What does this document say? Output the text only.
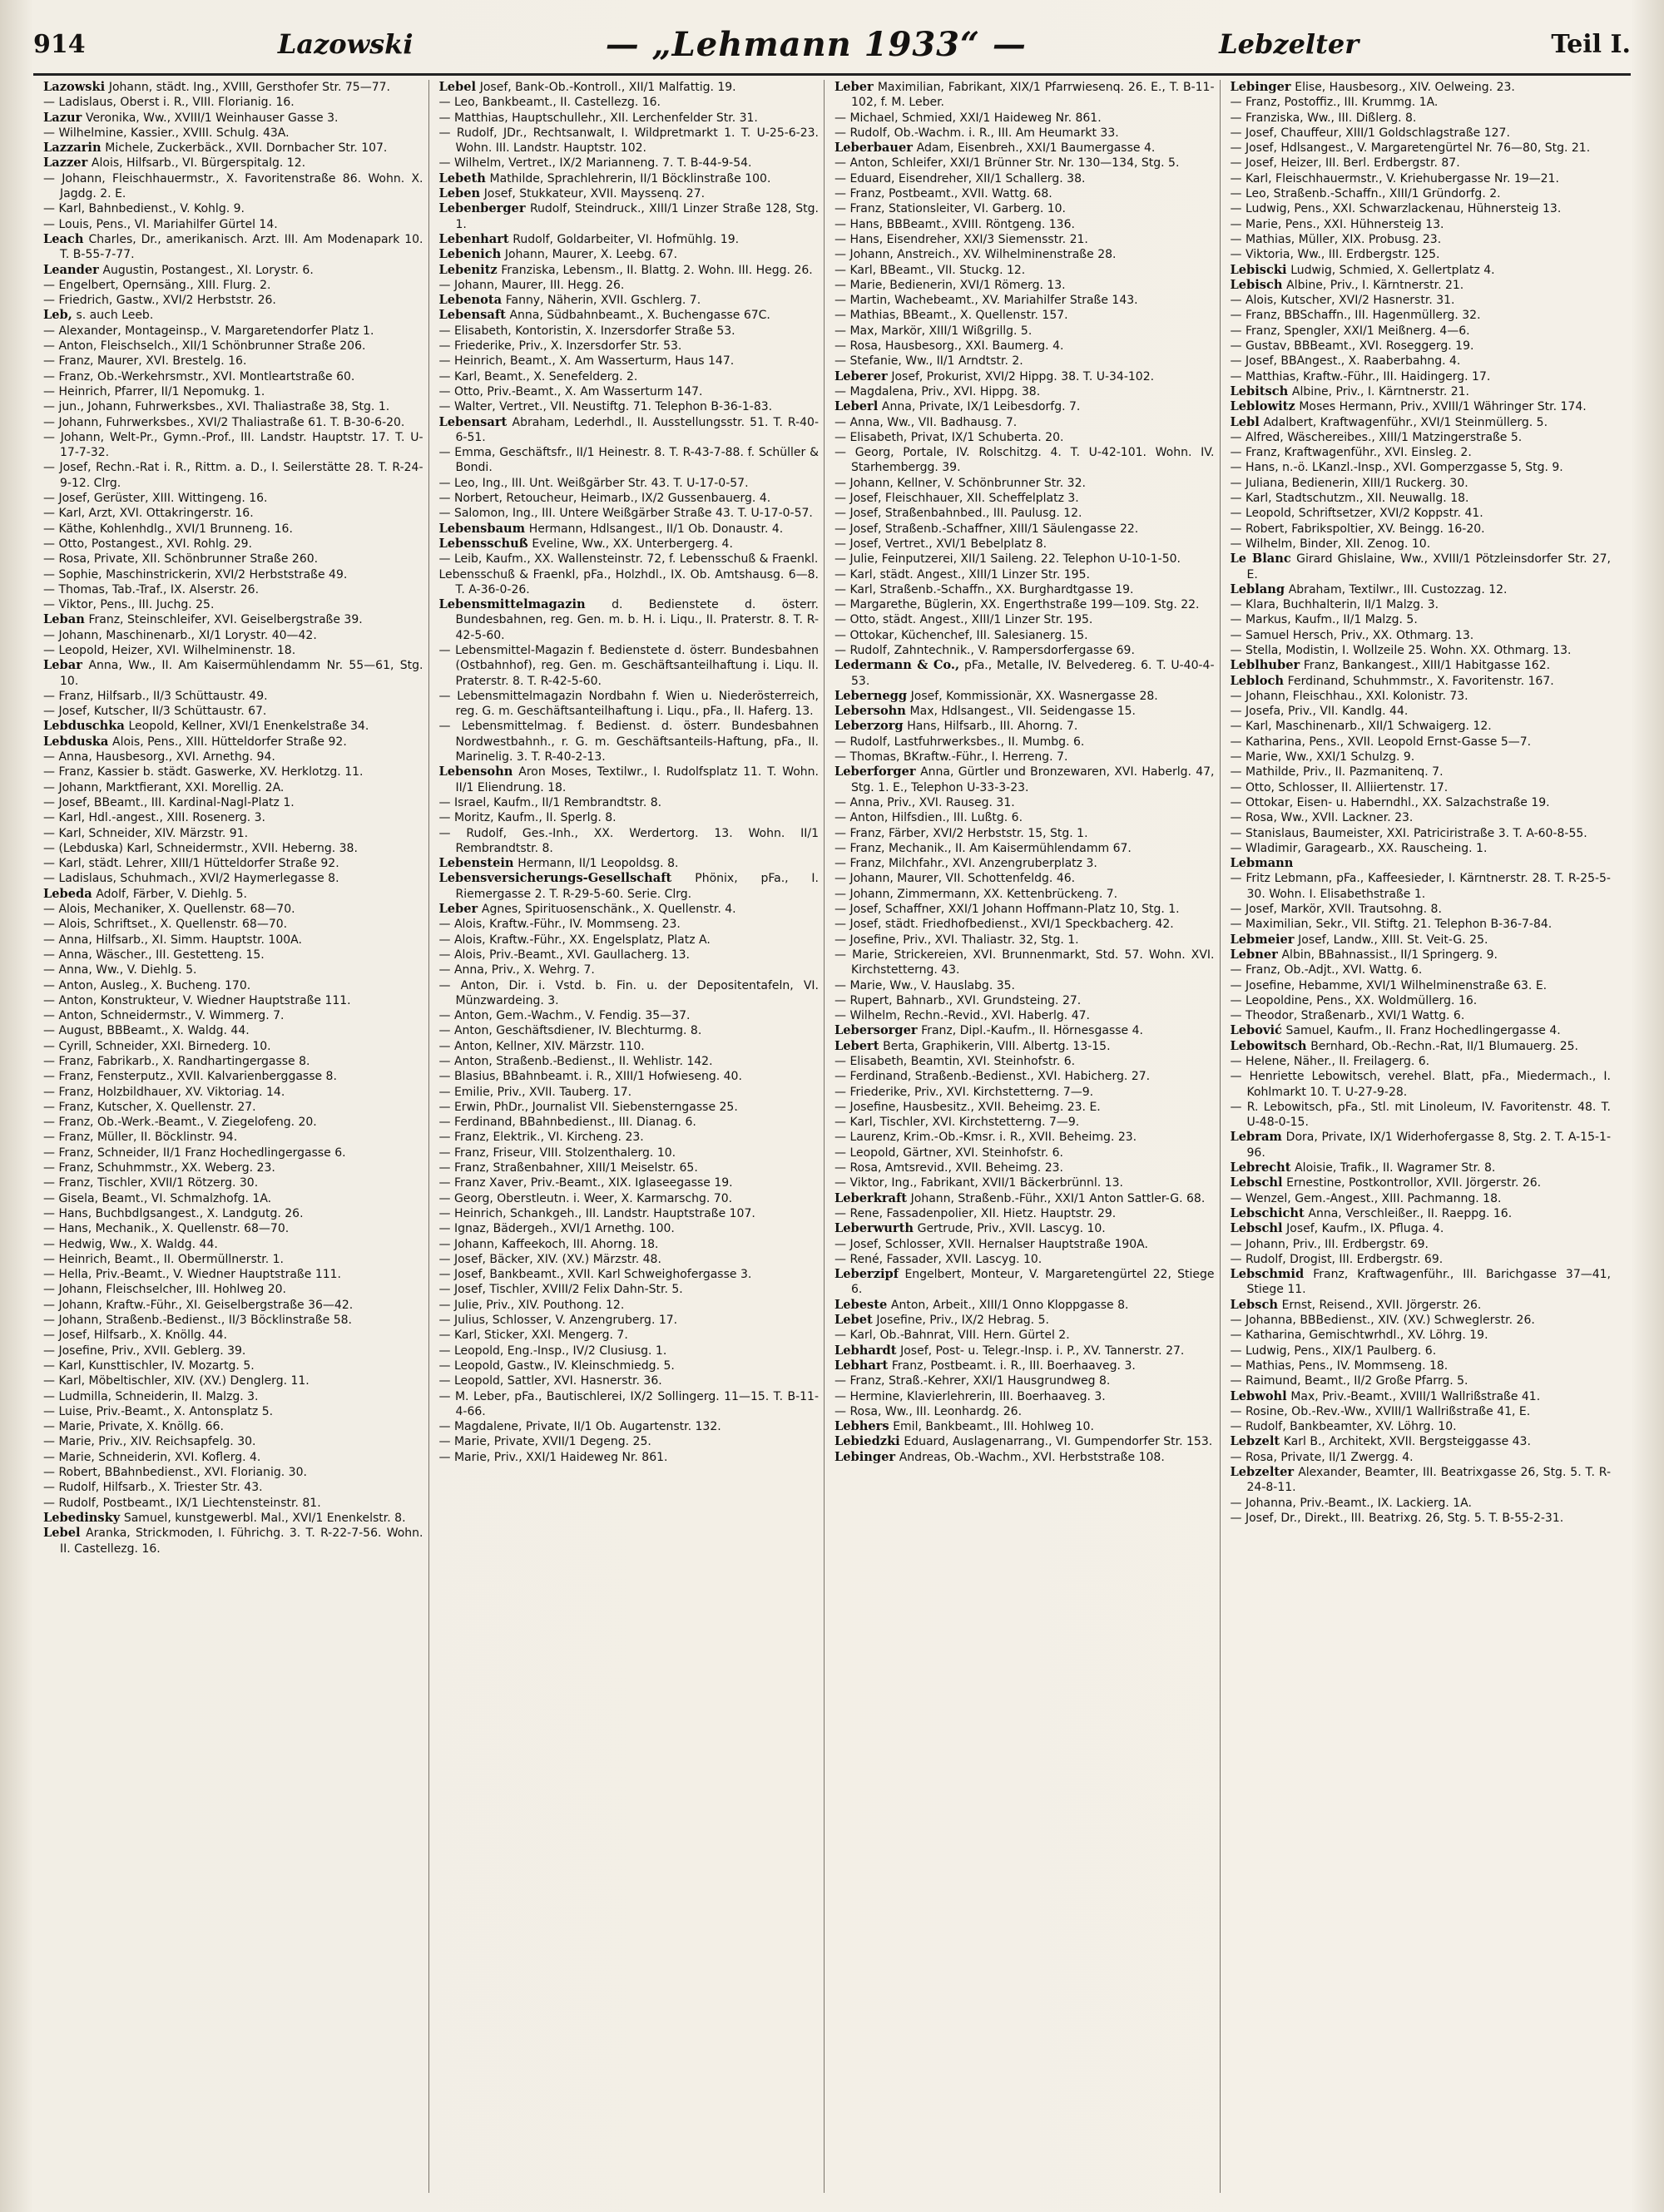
914	Lazowski	— „Lehmann 1933“ —	Lebzelter	Teil I.

Lazowski Johann, städt. Ing., XVIII, Gersthofer Str. 75—77.

— Ladislaus, Oberst i. R., VIII. Florianig. 16.

Lazur Veronika, Ww., XVIII/1 Weinhauser Gasse 3.

— Wilhelmine, Kassier., XVIII. Schulg. 43A.

Lazzarin Michele, Zuckerbäck., XVII. Dornbacher Str. 107.

Lazzer Alois, Hilfsarb., VI. Bürgerspitalg. 12.

— Johann, Fleischhauermstr., X. Favoritenstraße 86. Wohn. X. Jagdg. 2. E.

— Karl, Bahnbedienst., V. Kohlg. 9.

— Louis, Pens., VI. Mariahilfer Gürtel 14.

Leach Charles, Dr., amerikanisch. Arzt. III. Am Modenapark 10. T. B-55-7-77.

Leander Augustin, Postangest., XI. Lorystr. 6.

— Engelbert, Opernsäng., XIII. Flurg. 2.

— Friedrich, Gastw., XVI/2 Herbststr. 26.

Leb, s. auch Leeb.

— Alexander, Montageinsp., V. Margaretendorfer Platz 1.

— Anton, Fleischselch., XII/1 Schönbrunner Straße 206.

— Franz, Maurer, XVI. Brestelg. 16.

— Franz, Ob.-Werkehrsmstr., XVI. Montleartstraße 60.

— Heinrich, Pfarrer, II/1 Nepomukg. 1.

— jun., Johann, Fuhrwerksbes., XVI. Thaliastraße 38, Stg. 1.

— Johann, Fuhrwerksbes., XVI/2 Thaliastraße 61. T. B-30-6-20.

— Johann, Welt-Pr., Gymn.-Prof., III. Landstr. Hauptstr. 17. T. U-17-7-32.

— Josef, Rechn.-Rat i. R., Rittm. a. D., I. Seilerstätte 28. T. R-24-9-12. Clrg.

— Josef, Gerüster, XIII. Wittingeng. 16.

— Karl, Arzt, XVI. Ottakringerstr. 16.

— Käthe, Kohlenhdlg., XVI/1 Brunneng. 16.

— Otto, Postangest., XVI. Rohlg. 29.

— Rosa, Private, XII. Schönbrunner Straße 260.

— Sophie, Maschinstrickerin, XVI/2 Herbststraße 49.

— Thomas, Tab.-Traf., IX. Alserstr. 26.

— Viktor, Pens., III. Juchg. 25.

Leban Franz, Steinschleifer, XVI. Geiselbergstraße 39.

— Johann, Maschinenarb., XI/1 Lorystr. 40—42.

— Leopold, Heizer, XVI. Wilhelminenstr. 18.

Lebar Anna, Ww., II. Am Kaisermühlendamm Nr. 55—61, Stg. 10.

— Franz, Hilfsarb., II/3 Schüttaustr. 49.

— Josef, Kutscher, II/3 Schüttaustr. 67.

Lebduschka Leopold, Kellner, XVI/1 Enenkelstraße 34.

Lebduska Alois, Pens., XIII. Hütteldorfer Straße 92.

— Anna, Hausbesorg., XVI. Arnethg. 94.

— Franz, Kassier b. städt. Gaswerke, XV. Herklotzg. 11.

— Johann, Marktfierant, XXI. Morellig. 2A.

— Josef, BBeamt., III. Kardinal-Nagl-Platz 1.

— Karl, Hdl.-angest., XIII. Rosenerg. 3.

— Karl, Schneider, XIV. Märzstr. 91.

— (Lebduska) Karl, Schneidermstr., XVII. Heberng. 38.

— Karl, städt. Lehrer, XIII/1 Hütteldorfer Straße 92.

— Ladislaus, Schuhmach., XVI/2 Haymerlegasse 8.

Lebeda Adolf, Färber, V. Diehlg. 5.

— Alois, Mechaniker, X. Quellenstr. 68—70.

— Alois, Schriftset., X. Quellenstr. 68—70.

— Anna, Hilfsarb., XI. Simm. Hauptstr. 100A.

— Anna, Wäscher., III. Gestetteng. 15.

— Anna, Ww., V. Diehlg. 5.

— Anton, Ausleg., X. Bucheng. 170.

— Anton, Konstrukteur, V. Wiedner Hauptstraße 111.

— Anton, Schneidermstr., V. Wimmerg. 7.

— August, BBBeamt., X. Waldg. 44.

— Cyrill, Schneider, XXI. Birnederg. 10.

— Franz, Fabrikarb., X. Randhartingergasse 8.

— Franz, Fensterputz., XVII. Kalvarienberggasse 8.

— Franz, Holzbildhauer, XV. Viktoriag. 14.

— Franz, Kutscher, X. Quellenstr. 27.

— Franz, Ob.-Werk.-Beamt., V. Ziegelofeng. 20.

— Franz, Müller, II. Böcklinstr. 94.

— Franz, Schneider, II/1 Franz Hochedlingergasse 6.

— Franz, Schuhmmstr., XX. Weberg. 23.

— Franz, Tischler, XVII/1 Rötzerg. 30.

— Gisela, Beamt., VI. Schmalzhofg. 1A.

— Hans, Buchbdlgsangest., X. Landgutg. 26.

— Hans, Mechanik., X. Quellenstr. 68—70.

— Hedwig, Ww., X. Waldg. 44.

— Heinrich, Beamt., II. Obermüllnerstr. 1.

— Hella, Priv.-Beamt., V. Wiedner Hauptstraße 111.

— Johann, Fleischselcher, III. Hohlweg 20.

— Johann, Kraftw.-Führ., XI. Geiselbergstraße 36—42.

— Johann, Straßenb.-Bedienst., II/3 Böcklinstraße 58.

— Josef, Hilfsarb., X. Knöllg. 44.

— Josefine, Priv., XVII. Geblerg. 39.

— Karl, Kunsttischler, IV. Mozartg. 5.

— Karl, Möbeltischler, XIV. (XV.) Denglerg. 11.

— Ludmilla, Schneiderin, II. Malzg. 3.

— Luise, Priv.-Beamt., X. Antonsplatz 5.

— Marie, Private, X. Knöllg. 66.

— Marie, Priv., XIV. Reichsapfelg. 30.

— Marie, Schneiderin, XVI. Koflerg. 4.

— Robert, BBahnbedienst., XVI. Florianig. 30.

— Rudolf, Hilfsarb., X. Triester Str. 43.

— Rudolf, Postbeamt., IX/1 Liechtensteinstr. 81.

Lebedinsky Samuel, kunstgewerbl. Mal., XVI/1 Enenkelstr. 8.

Lebel Aranka, Strickmoden, I. Führichg. 3. T. R-22-7-56. Wohn. II. Castellezg. 16.

Lebel Josef, Bank-Ob.-Kontroll., XII/1 Malfattig. 19.

— Leo, Bankbeamt., II. Castellezg. 16.

— Matthias, Hauptschullehr., XII. Lerchenfelder Str. 31.

— Rudolf, JDr., Rechtsanwalt, I. Wildpretmarkt 1. T. U-25-6-23. Wohn. III. Landstr. Hauptstr. 102.

— Wilhelm, Vertret., IX/2 Marianneng. 7. T. B-44-9-54.

Lebeth Mathilde, Sprachlehrerin, II/1 Böcklinstraße 100.

Leben Josef, Stukkateur, XVII. Mayssenq. 27.

Lebenberger Rudolf, Steindruck., XIII/1 Linzer Straße 128, Stg. 1.

Lebenhart Rudolf, Goldarbeiter, VI. Hofmühlg. 19.

Lebenich Johann, Maurer, X. Leebg. 67.

Lebenitz Franziska, Lebensm., II. Blattg. 2. Wohn. III. Hegg. 26.

— Johann, Maurer, III. Hegg. 26.

Lebenota Fanny, Näherin, XVII. Gschlerg. 7.

Lebensaft Anna, Südbahnbeamt., X. Buchengasse 67C.

— Elisabeth, Kontoristin, X. Inzersdorfer Straße 53.

— Friederike, Priv., X. Inzersdorfer Str. 53.

— Heinrich, Beamt., X. Am Wasserturm, Haus 147.

— Karl, Beamt., X. Senefelderg. 2.

— Otto, Priv.-Beamt., X. Am Wasserturm 147.

— Walter, Vertret., VII. Neustiftg. 71. Telephon B-36-1-83.

Lebensart Abraham, Lederhdl., II. Ausstellungsstr. 51. T. R-40-6-51.

— Emma, Geschäftsfr., II/1 Heinestr. 8. T. R-43-7-88. f. Schüller & Bondi.

— Leo, Ing., III. Unt. Weißgärber Str. 43. T. U-17-0-57.

— Norbert, Retoucheur, Heimarb., IX/2 Gussenbauerg. 4.

— Salomon, Ing., III. Untere Weißgärber Straße 43. T. U-17-0-57.

Lebensbaum Hermann, Hdlsangest., II/1 Ob. Donaustr. 4.

Lebensschuß Eveline, Ww., XX. Unterbergerg. 4.

— Leib, Kaufm., XX. Wallensteinstr. 72, f. Lebensschuß & Fraenkl.

Lebensschuß & Fraenkl, pFa., Holzhdl., IX. Ob. Amtshausg. 6—8. T. A-36-0-26.

Lebensmittelmagazin d. Bedienstete d. österr. Bundesbahnen, reg. Gen. m. b. H. i. Liqu., II. Praterstr. 8. T. R-42-5-60.

— Lebensmittel-Magazin f. Bedienstete d. österr. Bundesbahnen (Ostbahnhof), reg. Gen. m. Geschäftsanteilhaftung i. Liqu. II. Praterstr. 8. T. R-42-5-60.

— Lebensmittelmagazin Nordbahn f. Wien u. Niederösterreich, reg. G. m. Geschäftsanteilhaftung i. Liqu., pFa., II. Haferg. 13.

— Lebensmittelmag. f. Bedienst. d. österr. Bundesbahnen Nordwestbahnh., r. G. m. Geschäftsanteils-Haftung, pFa., II. Marinelig. 3. T. R-40-2-13.

Lebensohn Aron Moses, Textilwr., I. Rudolfsplatz 11. T. Wohn. II/1 Eliendrung. 18.

— Israel, Kaufm., II/1 Rembrandtstr. 8.

— Moritz, Kaufm., II. Sperlg. 8.

— Rudolf, Ges.-Inh., XX. Werdertorg. 13. Wohn. II/1 Rembrandtstr. 8.

Lebenstein Hermann, II/1 Leopoldsg. 8.

Lebensversicherungs-Gesellschaft Phönix, pFa., I. Riemergasse 2. T. R-29-5-60. Serie. Clrg.

Leber Agnes, Spirituosenschänk., X. Quellenstr. 4.

— Alois, Kraftw.-Führ., IV. Mommseng. 23.

— Alois, Kraftw.-Führ., XX. Engelsplatz, Platz A.

— Alois, Priv.-Beamt., XVI. Gaullacherg. 13.

— Anna, Priv., X. Wehrg. 7.

— Anton, Dir. i. Vstd. b. Fin. u. der Depositentafeln, VI. Münzwardeing. 3.

— Anton, Gem.-Wachm., V. Fendig. 35—37.

— Anton, Geschäftsdiener, IV. Blechturmg. 8.

— Anton, Kellner, XIV. Märzstr. 110.

— Anton, Straßenb.-Bedienst., II. Wehlistr. 142.

— Blasius, BBahnbeamt. i. R., XIII/1 Hofwieseng. 40.

— Emilie, Priv., XVII. Tauberg. 17.

— Erwin, PhDr., Journalist VII. Siebensterngasse 25.

— Ferdinand, BBahnbedienst., III. Dianag. 6.

— Franz, Elektrik., VI. Kircheng. 23.

— Franz, Friseur, VIII. Stolzenthalerg. 10.

— Franz, Straßenbahner, XIII/1 Meiselstr. 65.

— Franz Xaver, Priv.-Beamt., XIX. Iglaseegasse 19.

— Georg, Oberstleutn. i. Weer, X. Karmarschg. 70.

— Heinrich, Schankgeh., III. Landstr. Hauptstraße 107.

— Ignaz, Bädergeh., XVI/1 Arnethg. 100.

— Johann, Kaffeekoch, III. Ahorng. 18.

— Josef, Bäcker, XIV. (XV.) Märzstr. 48.

— Josef, Bankbeamt., XVII. Karl Schweighofergasse 3.

— Josef, Tischler, XVIII/2 Felix Dahn-Str. 5.

— Julie, Priv., XIV. Pouthong. 12.

— Julius, Schlosser, V. Anzengruberg. 17.

— Karl, Sticker, XXI. Mengerg. 7.

— Leopold, Eng.-Insp., IV/2 Clusiusg. 1.

— Leopold, Gastw., IV. Kleinschmiedg. 5.

— Leopold, Sattler, XVI. Hasnerstr. 36.

— M. Leber, pFa., Bautischlerei, IX/2 Sollingerg. 11—15. T. B-11-4-66.

— Magdalene, Private, II/1 Ob. Augartenstr. 132.

— Marie, Private, XVII/1 Degeng. 25.

— Marie, Priv., XXI/1 Haideweg Nr. 861.

Leber Maximilian, Fabrikant, XIX/1 Pfarrwiesenq. 26. E., T. B-11-102, f. M. Leber.

— Michael, Schmied, XXI/1 Haideweg Nr. 861.

— Rudolf, Ob.-Wachm. i. R., III. Am Heumarkt 33.

Leberbauer Adam, Eisenbreh., XXI/1 Baumergasse 4.

— Anton, Schleifer, XXI/1 Brünner Str. Nr. 130—134, Stg. 5.

— Eduard, Eisendreher, XII/1 Schallerg. 38.

— Franz, Postbeamt., XVII. Wattg. 68.

— Franz, Stationsleiter, VI. Garberg. 10.

— Hans, BBBeamt., XVIII. Röntgeng. 136.

— Hans, Eisendreher, XXI/3 Siemensstr. 21.

— Johann, Anstreich., XV. Wilhelminenstraße 28.

— Karl, BBeamt., VII. Stuckg. 12.

— Marie, Bedienerin, XVI/1 Römerg. 13.

— Martin, Wachebeamt., XV. Mariahilfer Straße 143.

— Mathias, BBeamt., X. Quellenstr. 157.

— Max, Markör, XIII/1 Wißgrillg. 5.

— Rosa, Hausbesorg., XXI. Baumerg. 4.

— Stefanie, Ww., II/1 Arndtstr. 2.

Leberer Josef, Prokurist, XVI/2 Hippg. 38. T. U-34-102.

— Magdalena, Priv., XVI. Hippg. 38.

Leberl Anna, Private, IX/1 Leibesdorfg. 7.

— Anna, Ww., VII. Badhausg. 7.

— Elisabeth, Privat, IX/1 Schuberta. 20.

— Georg, Portale, IV. Rolschitzg. 4. T. U-42-101. Wohn. IV. Starhembergg. 39.

— Johann, Kellner, V. Schönbrunner Str. 32.

— Josef, Fleischhauer, XII. Scheffelplatz 3.

— Josef, Straßenbahnbed., III. Paulusg. 12.

— Josef, Straßenb.-Schaffner, XIII/1 Säulengasse 22.

— Josef, Vertret., XVI/1 Bebelplatz 8.

— Julie, Feinputzerei, XII/1 Saileng. 22. Telephon U-10-1-50.

— Karl, städt. Angest., XIII/1 Linzer Str. 195.

— Karl, Straßenb.-Schaffn., XX. Burghardtgasse 19.

— Margarethe, Büglerin, XX. Engerthstraße 199—109. Stg. 22.

— Otto, städt. Angest., XIII/1 Linzer Str. 195.

— Ottokar, Küchenchef, III. Salesianerg. 15.

— Rudolf, Zahntechnik., V. Rampersdorfergasse 69.

Ledermann & Co., pFa., Metalle, IV. Belvedereg. 6. T. U-40-4-53.

Lebernegg Josef, Kommissionär, XX. Wasnergasse 28.

Lebersohn Max, Hdlsangest., VII. Seidengasse 15.

Leberzorg Hans, Hilfsarb., III. Ahorng. 7.

— Rudolf, Lastfuhrwerksbes., II. Mumbg. 6.

— Thomas, BKraftw.-Führ., I. Herreng. 7.

Leberforger Anna, Gürtler und Bronzewaren, XVI. Haberlg. 47, Stg. 1. E., Telephon U-33-3-23.

— Anna, Priv., XVI. Rauseg. 31.

— Anton, Hilfsdien., III. Lußtg. 6.

— Franz, Färber, XVI/2 Herbststr. 15, Stg. 1.

— Franz, Mechanik., II. Am Kaisermühlendamm 67.

— Franz, Milchfahr., XVI. Anzengruberplatz 3.

— Johann, Maurer, VII. Schottenfeldg. 46.

— Johann, Zimmermann, XX. Kettenbrückeng. 7.

— Josef, Schaffner, XXI/1 Johann Hoffmann-Platz 10, Stg. 1.

— Josef, städt. Friedhofbedienst., XVI/1 Speckbacherg. 42.

— Josefine, Priv., XVI. Thaliastr. 32, Stg. 1.

— Marie, Strickereien, XVI. Brunnenmarkt, Std. 57. Wohn. XVI. Kirchstetterng. 43.

— Marie, Ww., V. Hauslabg. 35.

— Rupert, Bahnarb., XVI. Grundsteing. 27.

— Wilhelm, Rechn.-Revid., XVI. Haberlg. 47.

Lebersorger Franz, Dipl.-Kaufm., II. Hörnesgasse 4.

Lebert Berta, Graphikerin, VIII. Albertg. 13-15.

— Elisabeth, Beamtin, XVI. Steinhofstr. 6.

— Ferdinand, Straßenb.-Bedienst., XVI. Habicherg. 27.

— Friederike, Priv., XVI. Kirchstetterng. 7—9.

— Josefine, Hausbesitz., XVII. Beheimg. 23. E.

— Karl, Tischler, XVI. Kirchstetterng. 7—9.

— Laurenz, Krim.-Ob.-Kmsr. i. R., XVII. Beheimg. 23.

— Leopold, Gärtner, XVI. Steinhofstr. 6.

— Rosa, Amtsrevid., XVII. Beheimg. 23.

— Viktor, Ing., Fabrikant, XVII/1 Bäckerbrünnl. 13.

Leberkraft Johann, Straßenb.-Führ., XXI/1 Anton Sattler-G. 68.

— Rene, Fassadenpolier, XII. Hietz. Hauptstr. 29.

Leberwurth Gertrude, Priv., XVII. Lascyg. 10.

— Josef, Schlosser, XVII. Hernalser Hauptstraße 190A.

— René, Fassader, XVII. Lascyg. 10.

Leberzipf Engelbert, Monteur, V. Margaretengürtel 22, Stiege 6.

Lebeste Anton, Arbeit., XIII/1 Onno Kloppgasse 8.

Lebet Josefine, Priv., IX/2 Hebrag. 5.

— Karl, Ob.-Bahnrat, VIII. Hern. Gürtel 2.

Lebhardt Josef, Post- u. Telegr.-Insp. i. P., XV. Tannerstr. 27.

Lebhart Franz, Postbeamt. i. R., III. Boerhaaveg. 3.

— Franz, Straß.-Kehrer, XXI/1 Hausgrundweg 8.

— Hermine, Klavierlehrerin, III. Boerhaaveg. 3.

— Rosa, Ww., III. Leonhardg. 26.

Lebhers Emil, Bankbeamt., III. Hohlweg 10.

Lebiedzki Eduard, Auslagenarrang., VI. Gumpendorfer Str. 153.

Lebinger Andreas, Ob.-Wachm., XVI. Herbststraße 108.

Lebinger Elise, Hausbesorg., XIV. Oelweing. 23.

— Franz, Postoffiz., III. Krummg. 1A.

— Franziska, Ww., III. Dißlerg. 8.

— Josef, Chauffeur, XIII/1 Goldschlagstraße 127.

— Josef, Hdlsangest., V. Margaretengürtel Nr. 76—80, Stg. 21.

— Josef, Heizer, III. Berl. Erdbergstr. 87.

— Karl, Fleischhauermstr., V. Kriehubergasse Nr. 19—21.

— Leo, Straßenb.-Schaffn., XIII/1 Gründorfg. 2.

— Ludwig, Pens., XXI. Schwarzlackenau, Hühnersteig 13.

— Marie, Pens., XXI. Hühnersteig 13.

— Mathias, Müller, XIX. Probusg. 23.

— Viktoria, Ww., III. Erdbergstr. 125.

Lebiscki Ludwig, Schmied, X. Gellertplatz 4.

Lebisch Albine, Priv., I. Kärntnerstr. 21.

— Alois, Kutscher, XVI/2 Hasnerstr. 31.

— Franz, BBSchaffn., III. Hagenmüllerg. 32.

— Franz, Spengler, XXI/1 Meißnerg. 4—6.

— Gustav, BBBeamt., XVI. Roseggerg. 19.

— Josef, BBAngest., X. Raaberbahng. 4.

— Matthias, Kraftw.-Führ., III. Haidingerg. 17.

Lebitsch Albine, Priv., I. Kärntnerstr. 21.

Leblowitz Moses Hermann, Priv., XVIII/1 Währinger Str. 174.

Lebl Adalbert, Kraftwagenführ., XVI/1 Steinmüllerg. 5.

— Alfred, Wäschereibes., XIII/1 Matzingerstraße 5.

— Franz, Kraftwagenführ., XVI. Einsleg. 2.

— Hans, n.-ö. LKanzl.-Insp., XVI. Gomperzgasse 5, Stg. 9.

— Juliana, Bedienerin, XIII/1 Ruckerg. 30.

— Karl, Stadtschutzm., XII. Neuwallg. 18.

— Leopold, Schriftsetzer, XVI/2 Koppstr. 41.

— Robert, Fabrikspoltier, XV. Beingg. 16-20.

— Wilhelm, Binder, XII. Zenog. 10.

Le Blanc Girard Ghislaine, Ww., XVIII/1 Pötzleinsdorfer Str. 27, E.

Leblang Abraham, Textilwr., III. Custozzag. 12.

— Klara, Buchhalterin, II/1 Malzg. 3.

— Markus, Kaufm., II/1 Malzg. 5.

— Samuel Hersch, Priv., XX. Othmarg. 13.

— Stella, Modistin, I. Wollzeile 25. Wohn. XX. Othmarg. 13.

Leblhuber Franz, Bankangest., XIII/1 Habitgasse 162.

Lebloch Ferdinand, Schuhmmstr., X. Favoritenstr. 167.

— Johann, Fleischhau., XXI. Kolonistr. 73.

— Josefa, Priv., VII. Kandlg. 44.

— Karl, Maschinenarb., XII/1 Schwaigerg. 12.

— Katharina, Pens., XVII. Leopold Ernst-Gasse 5—7.

— Marie, Ww., XXI/1 Schulzg. 9.

— Mathilde, Priv., II. Pazmanitenq. 7.

— Otto, Schlosser, II. Alliiertenstr. 17.

— Ottokar, Eisen- u. Haberndhl., XX. Salzachstraße 19.

— Rosa, Ww., XVII. Lackner. 23.

— Stanislaus, Baumeister, XXI. Patriciristraße 3. T. A-60-8-55.

— Wladimir, Garagearb., XX. Rauscheing. 1.

Lebmann

— Fritz Lebmann, pFa., Kaffeesieder, I. Kärntnerstr. 28. T. R-25-5-30. Wohn. I. Elisabethstraße 1.

— Josef, Markör, XVII. Trautsohng. 8.

— Maximilian, Sekr., VII. Stiftg. 21. Telephon B-36-7-84.

Lebmeier Josef, Landw., XIII. St. Veit-G. 25.

Lebner Albin, BBahnassist., II/1 Springerg. 9.

— Franz, Ob.-Adjt., XVI. Wattg. 6.

— Josefine, Hebamme, XVI/1 Wilhelminenstraße 63. E.

— Leopoldine, Pens., XX. Woldmüllerg. 16.

— Theodor, Straßenarb., XVI/1 Wattg. 6.

Lebović Samuel, Kaufm., II. Franz Hochedlingergasse 4.

Lebowitsch Bernhard, Ob.-Rechn.-Rat, II/1 Blumauerg. 25.

— Helene, Näher., II. Freilagerg. 6.

— Henriette Lebowitsch, verehel. Blatt, pFa., Miedermach., I. Kohlmarkt 10. T. U-27-9-28.

— R. Lebowitsch, pFa., Stl. mit Linoleum, IV. Favoritenstr. 48. T. U-48-0-15.

Lebram Dora, Private, IX/1 Widerhofergasse 8, Stg. 2. T. A-15-1-96.

Lebrecht Aloisie, Trafik., II. Wagramer Str. 8.

Lebschl Ernestine, Postkontrollor, XVII. Jörgerstr. 26.

— Wenzel, Gem.-Angest., XIII. Pachmanng. 18.

Lebschicht Anna, Verschleißer., II. Raeppg. 16.

Lebschl Josef, Kaufm., IX. Pfluga. 4.

— Johann, Priv., III. Erdbergstr. 69.

— Rudolf, Drogist, III. Erdbergstr. 69.

Lebschmid Franz, Kraftwagenführ., III. Barichgasse 37—41, Stiege 11.

Lebsch Ernst, Reisend., XVII. Jörgerstr. 26.

— Johanna, BBBedienst., XIV. (XV.) Schweglerstr. 26.

— Katharina, Gemischtwrhdl., XV. Löhrg. 19.

— Ludwig, Pens., XIX/1 Paulberg. 6.

— Mathias, Pens., IV. Mommseng. 18.

— Raimund, Beamt., II/2 Große Pfarrg. 5.

Lebwohl Max, Priv.-Beamt., XVIII/1 Wallrißstraße 41.

— Rosine, Ob.-Rev.-Ww., XVIII/1 Wallrißstraße 41, E.

— Rudolf, Bankbeamter, XV. Löhrg. 10.

Lebzelt Karl B., Architekt, XVII. Bergsteiggasse 43.

— Rosa, Private, II/1 Zwergg. 4.

Lebzelter Alexander, Beamter, III. Beatrixgasse 26, Stg. 5. T. R-24-8-11.

— Johanna, Priv.-Beamt., IX. Lackierg. 1A.

— Josef, Dr., Direkt., III. Beatrixg. 26, Stg. 5. T. B-55-2-31.
